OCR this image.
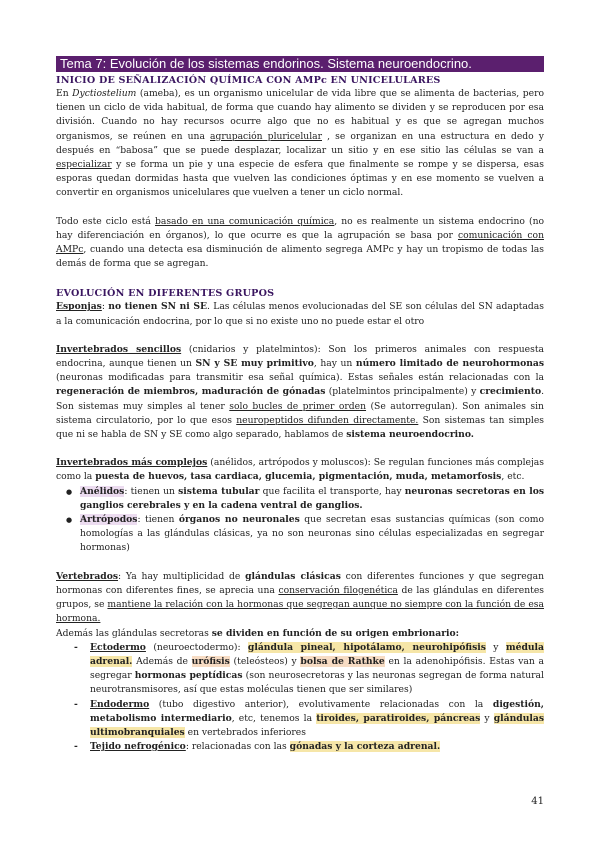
Tema 7: Evolución de los sistemas endorinos. Sistema neuroendocrino.
INICIO DE SEÑALIZACIÓN QUÍMICA CON AMPc EN UNICELULARES

En Dyctiostelium (ameba), es un organismo unicelular de vida libre que se alimenta de bacterias, pero tienen un ciclo de vida habitual, de forma que cuando hay alimento se dividen y se reproducen por esa división. Cuando no hay recursos ocurre algo que no es habitual y es que se agregan muchos organismos, se reúnen en una agrupación pluricelular , se organizan en una estructura en dedo y después en “babosa” que se puede desplazar, localizar un sitio y en ese sitio las células se van a especializar y se forma un pie y una especie de esfera que finalmente se rompe y se dispersa, esas esporas quedan dormidas hasta que vuelven las condiciones óptimas y en ese momento se vuelven a convertir en organismos unicelulares que vuelven a tener un ciclo normal.

Todo este ciclo está basado en una comunicación química, no es realmente un sistema endocrino (no hay diferenciación en órganos), lo que ocurre es que la agrupación se basa por comunicación con AMPc, cuando una detecta esa disminución de alimento segrega AMPc y hay un tropismo de todas las demás de forma que se agregan.

EVOLUCIÓN EN DIFERENTES GRUPOS

Esponjas: no tienen SN ni SE. Las células menos evolucionadas del SE son células del SN adaptadas a la comunicación endocrina, por lo que si no existe uno no puede estar el otro

Invertebrados sencillos (cnidarios y platelmintos): Son los primeros animales con respuesta endocrina, aunque tienen un SN y SE muy primitivo, hay un número limitado de neurohormonas (neuronas modificadas para transmitir esa señal química). Estas señales están relacionadas con la regeneración de miembros, maduración de gónadas (platelmintos principalmente) y crecimiento. Son sistemas muy simples al tener solo bucles de primer orden (Se autorregulan). Son animales sin sistema circulatorio, por lo que esos neuropeptidos difunden directamente. Son sistemas tan simples que ni se habla de SN y SE como algo separado, hablamos de sistema neuroendocrino.

Invertebrados más complejos (anélidos, artrópodos y moluscos): Se regulan funciones más complejas como la puesta de huevos, tasa cardiaca, glucemia, pigmentación, muda, metamorfosis, etc.

● Anélidos: tienen un sistema tubular que facilita el transporte, hay neuronas secretoras en los ganglios cerebrales y en la cadena ventral de ganglios.
● Artrópodos: tienen órganos no neuronales que secretan esas sustancias químicas (son como homologías a las glándulas clásicas, ya no son neuronas sino células especializadas en segregar hormonas)

Vertebrados: Ya hay multiplicidad de glándulas clásicas con diferentes funciones y que segregan hormonas con diferentes fines, se aprecia una conservación filogenética de las glándulas en diferentes grupos, se mantiene la relación con la hormonas que segregan aunque no siempre con la función de esa hormona.

Además las glándulas secretoras se dividen en función de su origen embrionario:

- Ectodermo (neuroectodermo): glándula pineal, hipotálamo, neurohipófisis y médula adrenal. Además de urófisis (teleósteos) y bolsa de Rathke en la adenohipófisis. Estas van a segregar hormonas peptídicas (son neurosecretoras y las neuronas segregan de forma natural neurotransmisores, así que estas moléculas tienen que ser similares)
- Endodermo (tubo digestivo anterior), evolutivamente relacionadas con la digestión, metabolismo intermediario, etc, tenemos la tiroides, paratiroides, páncreas y glándulas ultimobranquiales en vertebrados inferiores
- Tejido nefrogénico: relacionadas con las gónadas y la corteza adrenal.
41
